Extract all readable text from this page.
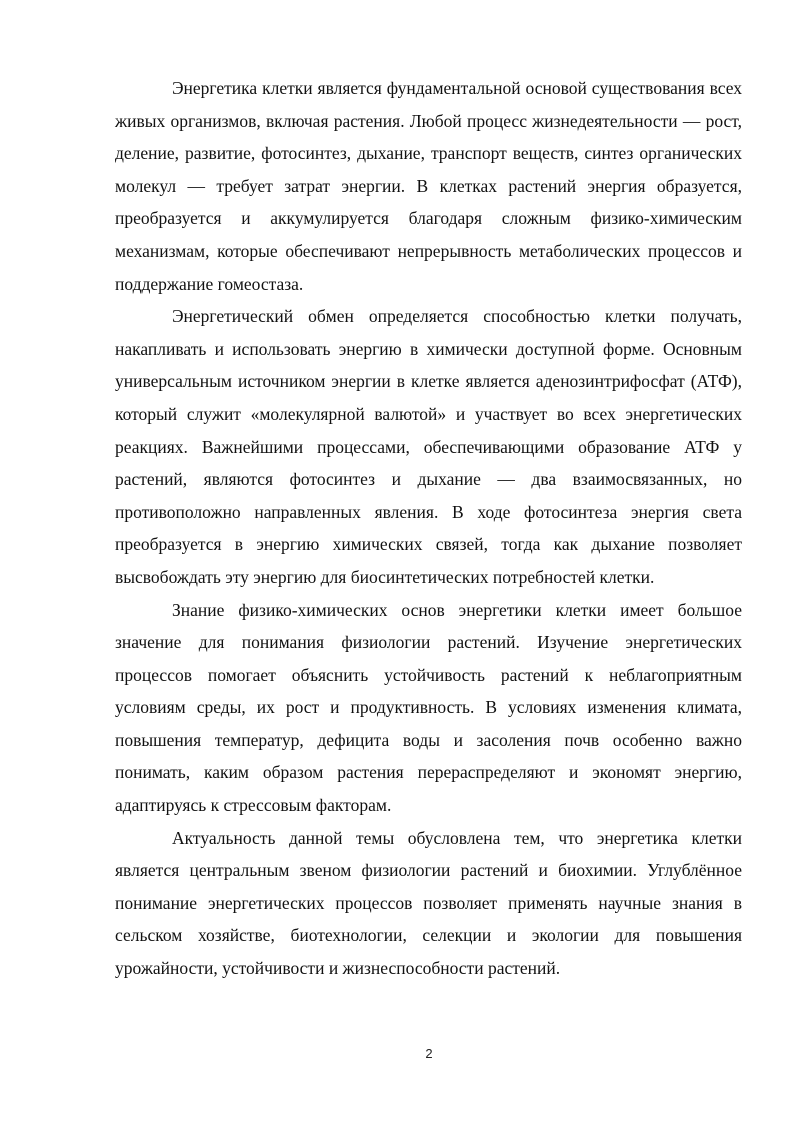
Энергетика клетки является фундаментальной основой существования всех живых организмов, включая растения. Любой процесс жизнедеятельности — рост, деление, развитие, фотосинтез, дыхание, транспорт веществ, синтез органических молекул — требует затрат энергии. В клетках растений энергия образуется, преобразуется и аккумулируется благодаря сложным физико-химическим механизмам, которые обеспечивают непрерывность метаболических процессов и поддержание гомеостаза.

Энергетический обмен определяется способностью клетки получать, накапливать и использовать энергию в химически доступной форме. Основным универсальным источником энергии в клетке является аденозинтрифосфат (АТФ), который служит «молекулярной валютой» и участвует во всех энергетических реакциях. Важнейшими процессами, обеспечивающими образование АТФ у растений, являются фотосинтез и дыхание — два взаимосвязанных, но противоположно направленных явления. В ходе фотосинтеза энергия света преобразуется в энергию химических связей, тогда как дыхание позволяет высвобождать эту энергию для биосинтетических потребностей клетки.

Знание физико-химических основ энергетики клетки имеет большое значение для понимания физиологии растений. Изучение энергетических процессов помогает объяснить устойчивость растений к неблагоприятным условиям среды, их рост и продуктивность. В условиях изменения климата, повышения температур, дефицита воды и засоления почв особенно важно понимать, каким образом растения перераспределяют и экономят энергию, адаптируясь к стрессовым факторам.

Актуальность данной темы обусловлена тем, что энергетика клетки является центральным звеном физиологии растений и биохимии. Углублённое понимание энергетических процессов позволяет применять научные знания в сельском хозяйстве, биотехнологии, селекции и экологии для повышения урожайности, устойчивости и жизнеспособности растений.

2
